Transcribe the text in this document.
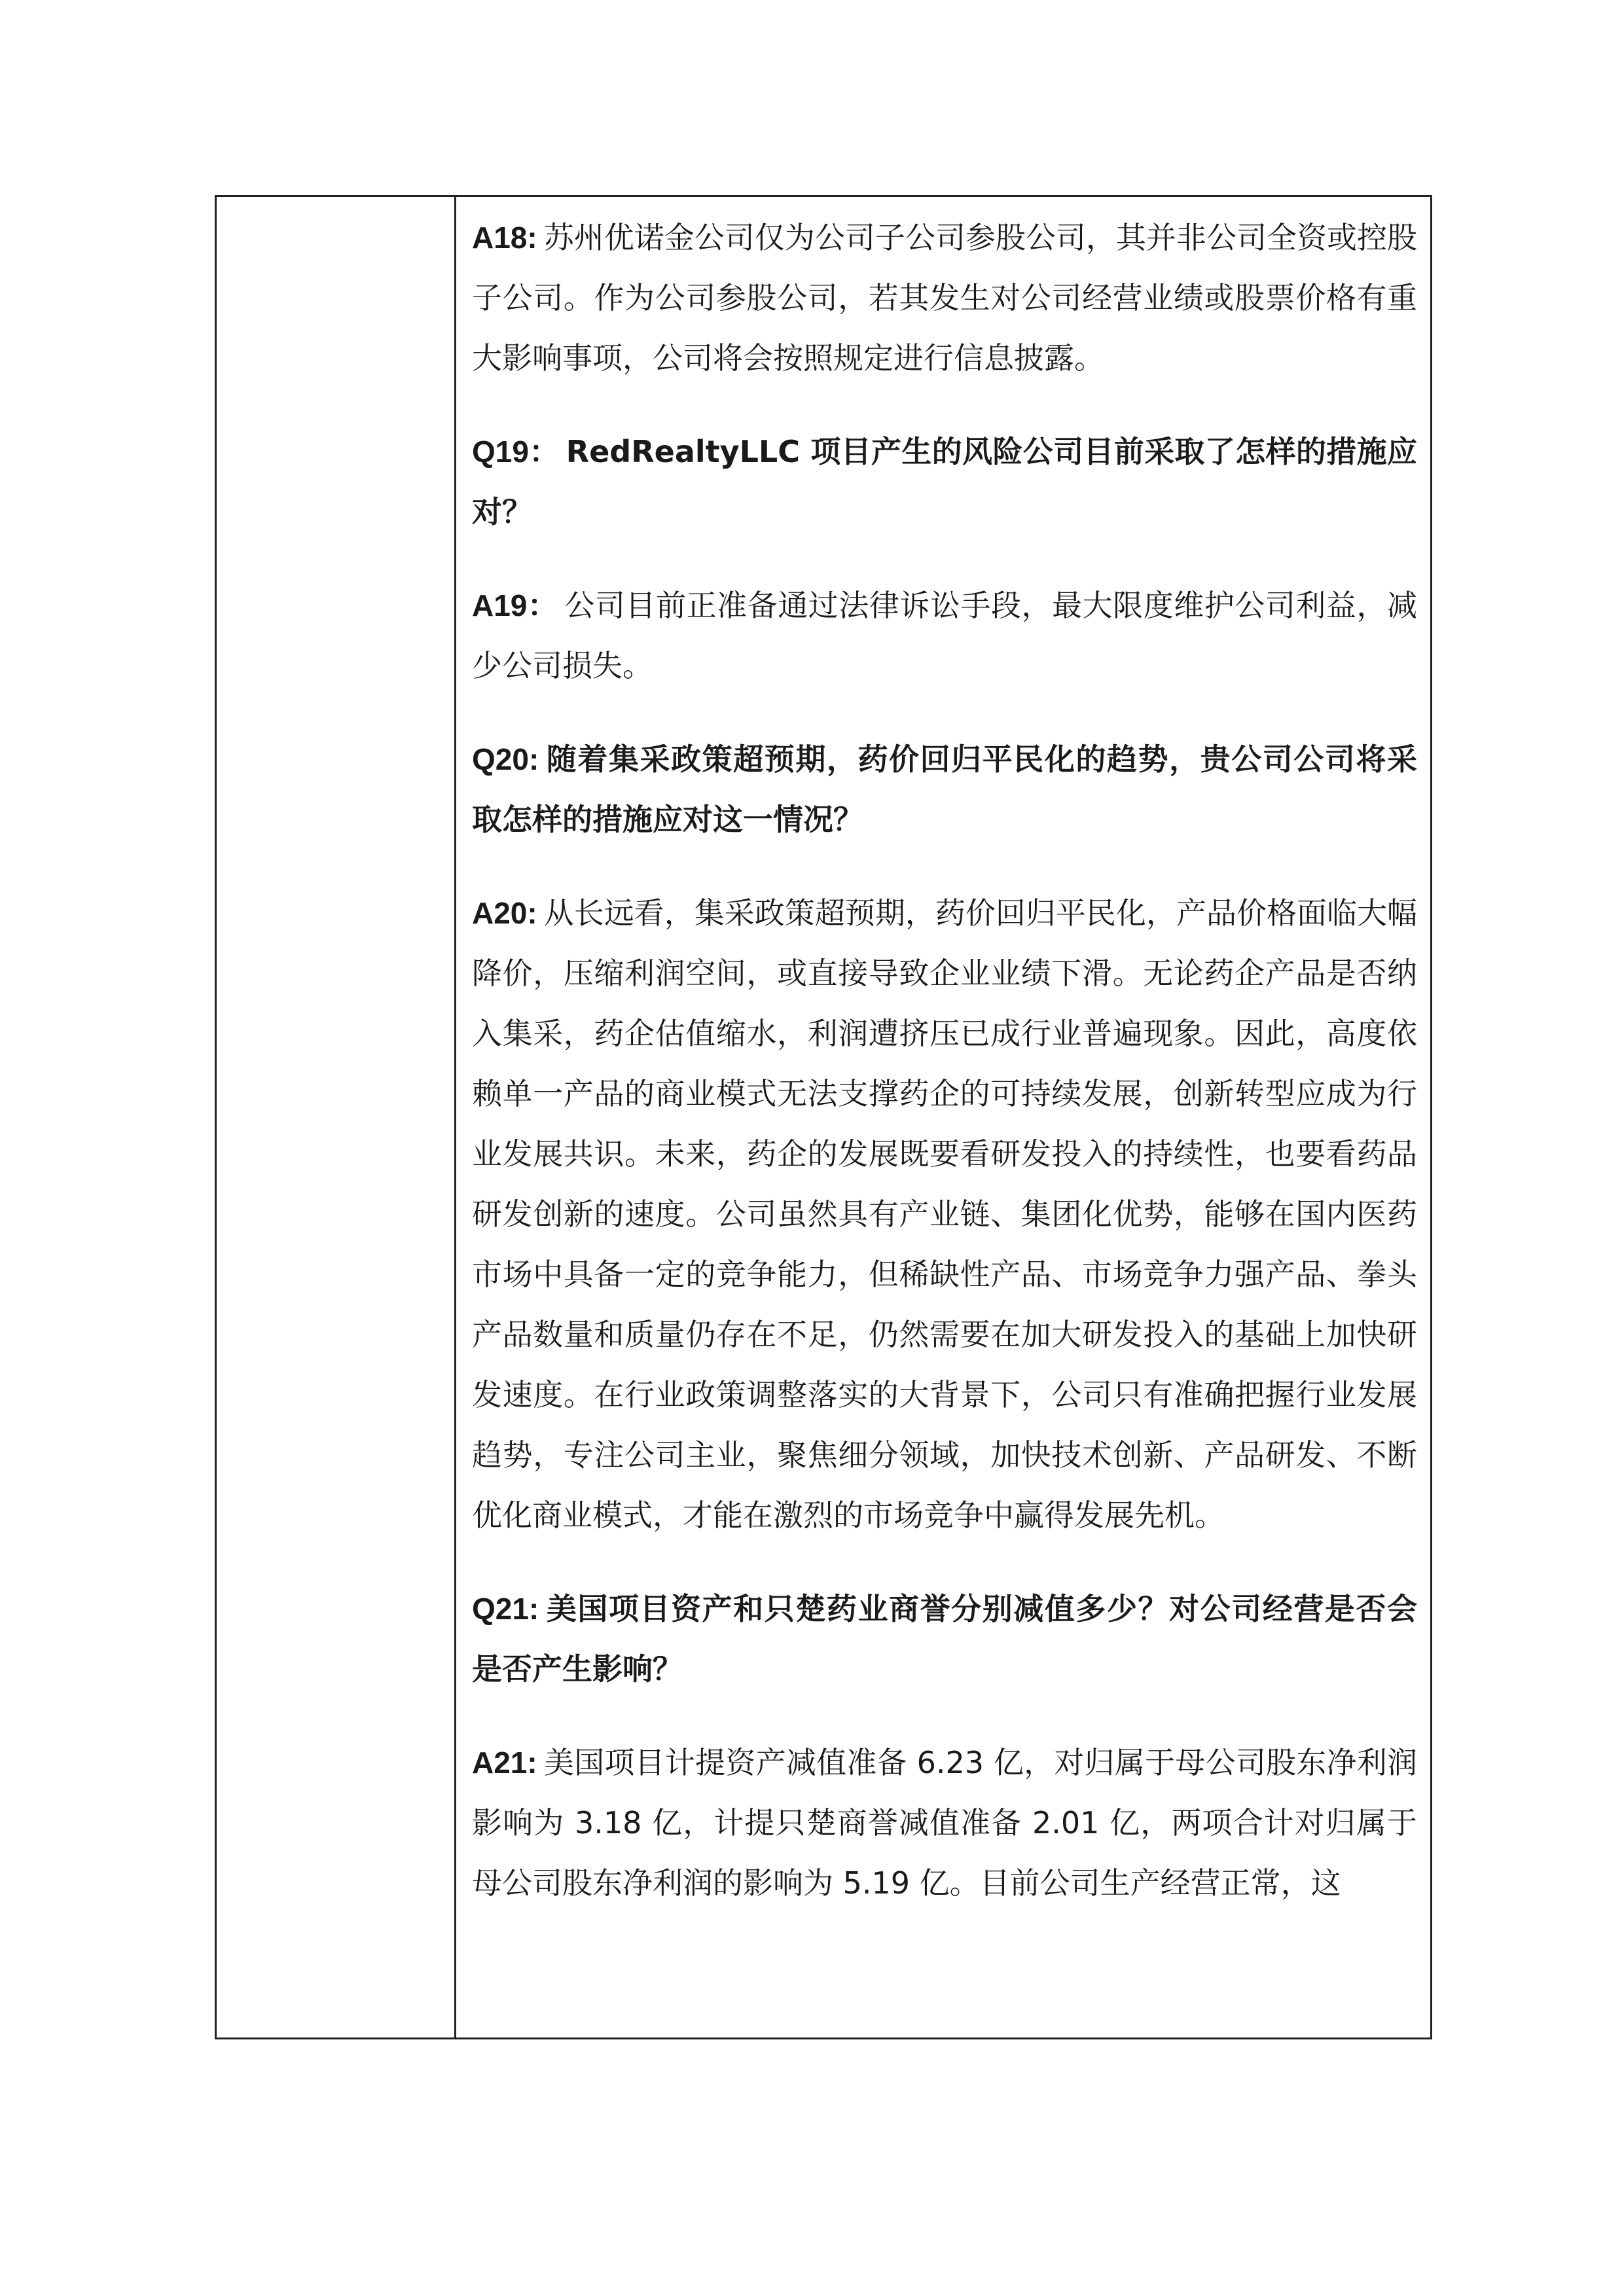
A18: 苏州优诺金公司仅为公司子公司参股公司，其并非公司全资或控股子公司。作为公司参股公司，若其发生对公司经营业绩或股票价格有重大影响事项，公司将会按照规定进行信息披露。

Q19： RedRealtyLLC 项目产生的风险公司目前采取了怎样的措施应对？

A19： 公司目前正准备通过法律诉讼手段，最大限度维护公司利益，减少公司损失。

Q20: 随着集采政策超预期，药价回归平民化的趋势，贵公司公司将采取怎样的措施应对这一情况？

A20: 从长远看，集采政策超预期，药价回归平民化，产品价格面临大幅降价，压缩利润空间，或直接导致企业业绩下滑。无论药企产品是否纳入集采，药企估值缩水，利润遭挤压已成行业普遍现象。因此，高度依赖单一产品的商业模式无法支撑药企的可持续发展，创新转型应成为行业发展共识。未来，药企的发展既要看研发投入的持续性，也要看药品研发创新的速度。公司虽然具有产业链、集团化优势，能够在国内医药市场中具备一定的竞争能力，但稀缺性产品、市场竞争力强产品、拳头产品数量和质量仍存在不足，仍然需要在加大研发投入的基础上加快研发速度。在行业政策调整落实的大背景下，公司只有准确把握行业发展趋势，专注公司主业，聚焦细分领域，加快技术创新、产品研发、不断优化商业模式，才能在激烈的市场竞争中赢得发展先机。

Q21: 美国项目资产和只楚药业商誉分别减值多少？对公司经营是否会是否产生影响？

A21: 美国项目计提资产减值准备 6.23 亿，对归属于母公司股东净利润影响为 3.18 亿，计提只楚商誉减值准备 2.01 亿，两项合计对归属于母公司股东净利润的影响为 5.19 亿。目前公司生产经营正常，这
